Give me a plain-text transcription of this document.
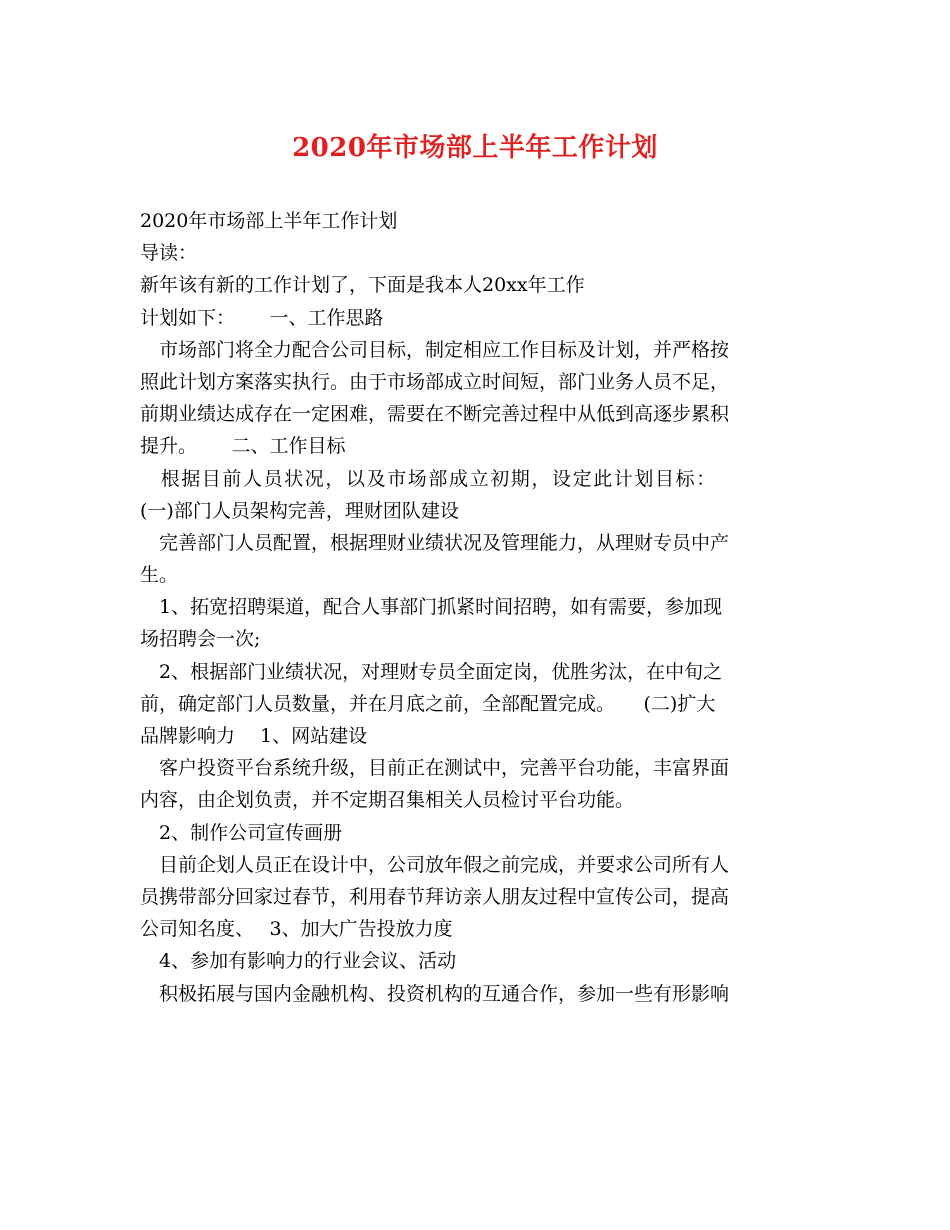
2020年市场部上半年工作计划
2020年市场部上半年工作计划
导读：
新年该有新的工作计划了，下面是我本人20xx年工作
计划如下：　　 一、工作思路
　市场部门将全力配合公司目标，制定相应工作目标及计划，并严格按
照此计划方案落实执行。由于市场部成立时间短，部门业务人员不足，
前期业绩达成存在一定困难，需要在不断完善过程中从低到高逐步累积
提升。　　 二、工作目标
　根据目前人员状况，以及市场部成立初期，设定此计划目标：
(一)部门人员架构完善，理财团队建设
　完善部门人员配置，根据理财业绩状况及管理能力，从理财专员中产
生。
　1、拓宽招聘渠道，配合人事部门抓紧时间招聘，如有需要，参加现
场招聘会一次;
　2、根据部门业绩状况，对理财专员全面定岗，优胜劣汰，在中旬之
前，确定部门人员数量，并在月底之前，全部配置完成。　　(二)扩大
品牌影响力　 1、网站建设
　客户投资平台系统升级，目前正在测试中，完善平台功能，丰富界面
内容，由企划负责，并不定期召集相关人员检讨平台功能。
　2、制作公司宣传画册
　目前企划人员正在设计中，公司放年假之前完成，并要求公司所有人
员携带部分回家过春节，利用春节拜访亲人朋友过程中宣传公司，提高
公司知名度、　 3、加大广告投放力度
　4、参加有影响力的行业会议、活动
　积极拓展与国内金融机构、投资机构的互通合作，参加一些有形影响
